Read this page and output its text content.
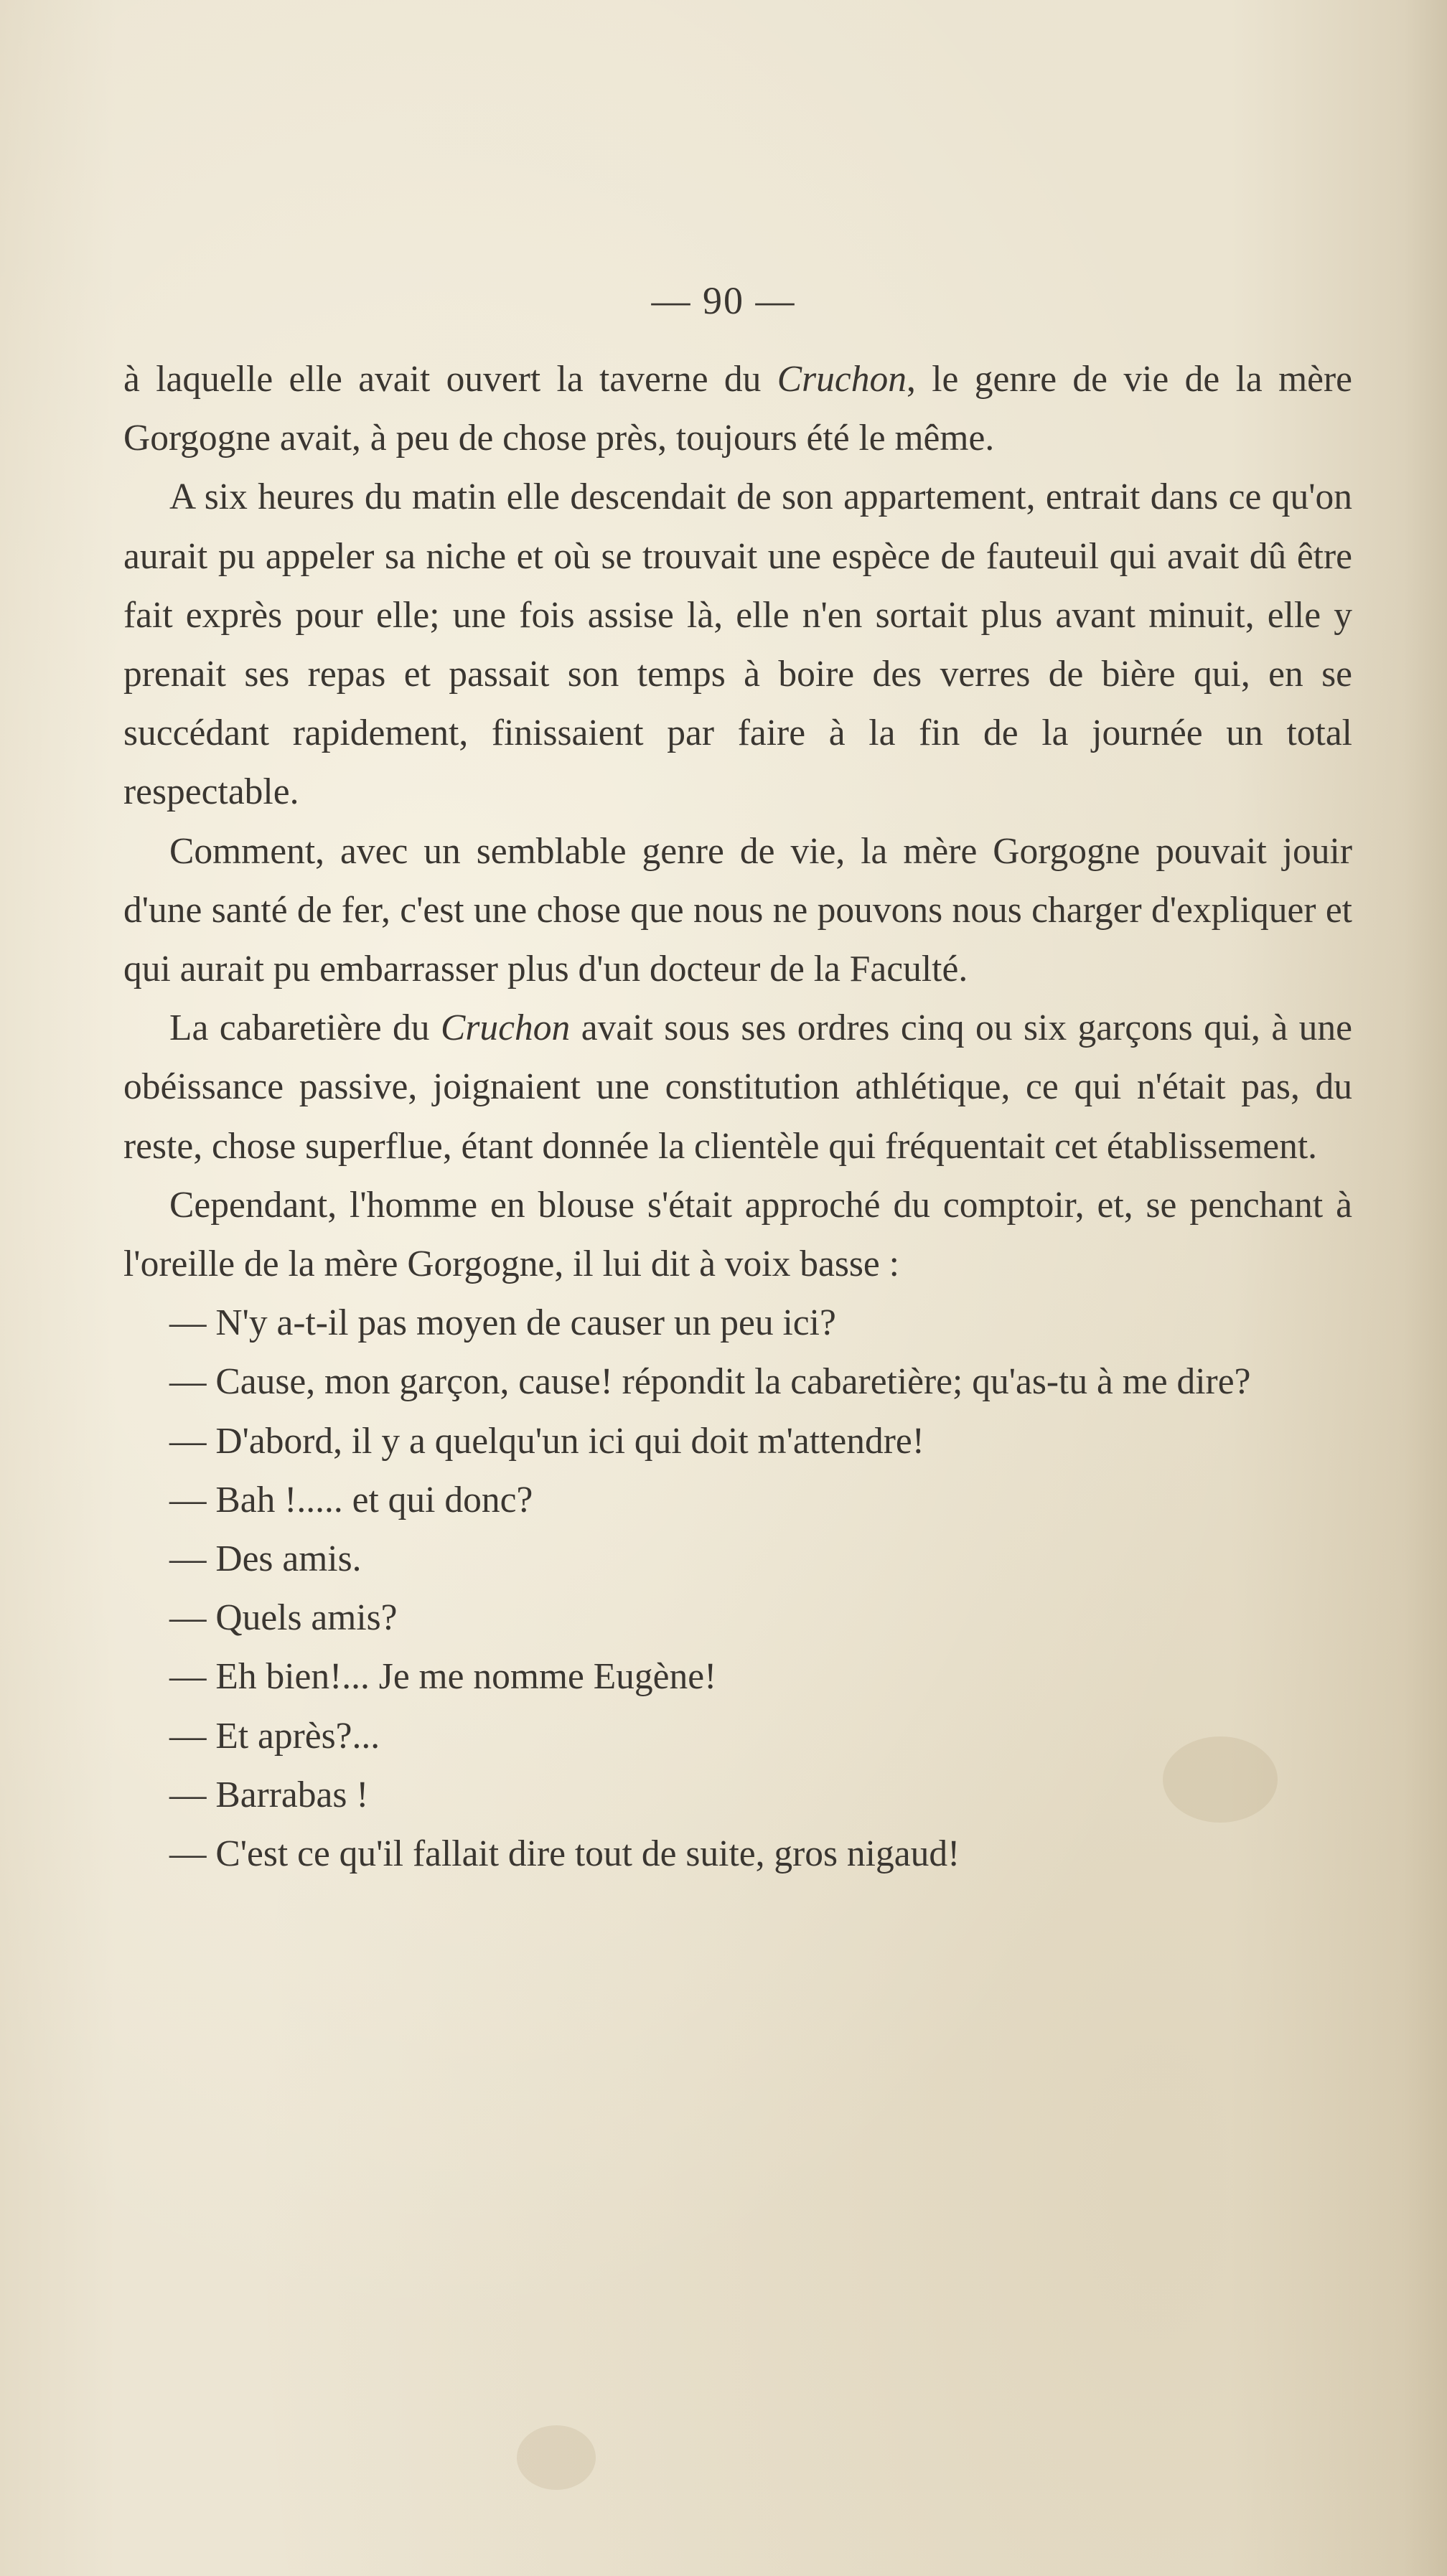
— 90 —

à laquelle elle avait ouvert la taverne du Cruchon, le genre de vie de la mère Gorgogne avait, à peu de chose près, toujours été le même.

A six heures du matin elle descendait de son appartement, entrait dans ce qu'on aurait pu appeler sa niche et où se trouvait une espèce de fauteuil qui avait dû être fait exprès pour elle; une fois assise là, elle n'en sortait plus avant minuit, elle y prenait ses repas et passait son temps à boire des verres de bière qui, en se succédant rapidement, finissaient par faire à la fin de la journée un total respectable.

Comment, avec un semblable genre de vie, la mère Gorgogne pouvait jouir d'une santé de fer, c'est une chose que nous ne pouvons nous charger d'expliquer et qui aurait pu embarrasser plus d'un docteur de la Faculté.

La cabaretière du Cruchon avait sous ses ordres cinq ou six garçons qui, à une obéissance passive, joignaient une constitution athlétique, ce qui n'était pas, du reste, chose superflue, étant donnée la clientèle qui fréquentait cet établissement.

Cependant, l'homme en blouse s'était approché du comptoir, et, se penchant à l'oreille de la mère Gorgogne, il lui dit à voix basse :

— N'y a-t-il pas moyen de causer un peu ici?

— Cause, mon garçon, cause! répondit la cabaretière; qu'as-tu à me dire?

— D'abord, il y a quelqu'un ici qui doit m'attendre!

— Bah !..... et qui donc?

— Des amis.

— Quels amis?

— Eh bien!... Je me nomme Eugène!

— Et après?...

— Barrabas !

— C'est ce qu'il fallait dire tout de suite, gros nigaud!
